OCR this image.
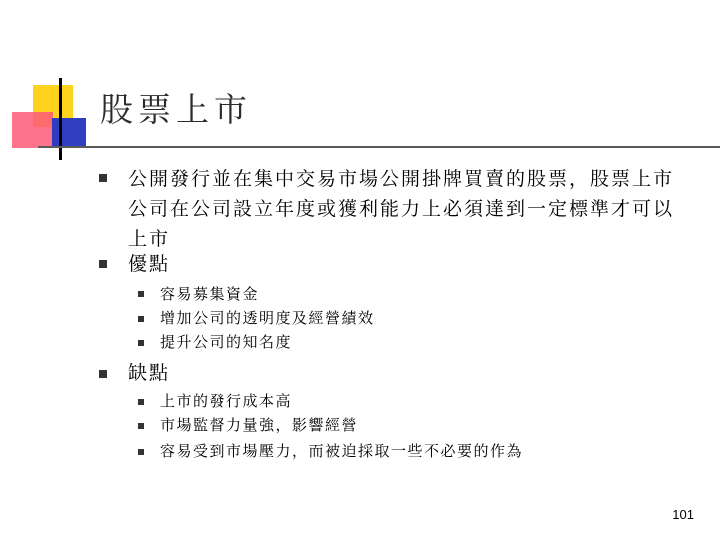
股票上市
公開發行並在集中交易市場公開掛牌買賣的股票，股票上市公司在公司設立年度或獲利能力上必須達到一定標準才可以上市
優點
容易募集資金
增加公司的透明度及經營績效
提升公司的知名度
缺點
上市的發行成本高
市場監督力量強，影響經營
容易受到市場壓力，而被迫採取一些不必要的作為
101
